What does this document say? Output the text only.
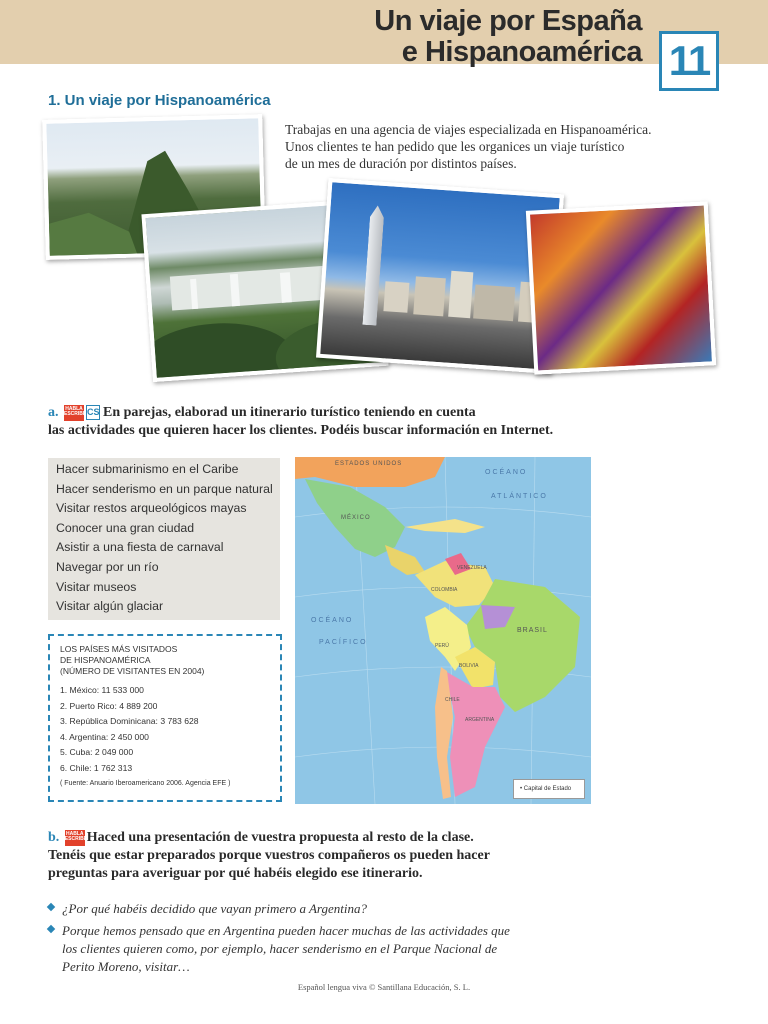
Un viaje por España
e Hispanoamérica 11
1. Un viaje por Hispanoamérica
Trabajas en una agencia de viajes especializada en Hispanoamérica.
Unos clientes te han pedido que les organices un viaje turístico
de un mes de duración por distintos países.
a. HABLA ESCRIBECS En parejas, elaborad un itinerario turístico teniendo en cuenta
las actividades que quieren hacer los clientes. Podéis buscar información en Internet.
Hacer submarinismo en el Caribe
Hacer senderismo en un parque natural
Visitar restos arqueológicos mayas
Conocer una gran ciudad
Asistir a una fiesta de carnaval
Navegar por un río
Visitar museos
Visitar algún glaciar
LOS PAÍSES MÁS VISITADOS
DE HISPANOAMÉRICA
(NÚMERO DE VISITANTES EN 2004)
1. México: 11 533 000
2. Puerto Rico: 4 889 200
3. República Dominicana: 3 783 628
4. Argentina: 2 450 000
5. Cuba: 2 049 000
6. Chile: 1 762 313
( Fuente: Anuario Iberoamericano 2006. Agencia EFE )
OCÉANO
ATLÁNTICO
OCÉANO
PACÍFICO
ESTADOS UNIDOS
MÉXICO
VENEZUELA
COLOMBIA
BRASIL
PERÚ
BOLIVIA
CHILE
ARGENTINA
• Capital de Estado
b. HABLA ESCRIBEHaced una presentación de vuestra propuesta al resto de la clase.
Tenéis que estar preparados porque vuestros compañeros os pueden hacer
preguntas para averiguar por qué habéis elegido ese itinerario.
¿Por qué habéis decidido que vayan primero a Argentina?
Porque hemos pensado que en Argentina pueden hacer muchas de las actividades que los clientes quieren como, por ejemplo, hacer senderismo en el Parque Nacional de Perito Moreno, visitar…
Español lengua viva © Santillana Educación, S. L.
